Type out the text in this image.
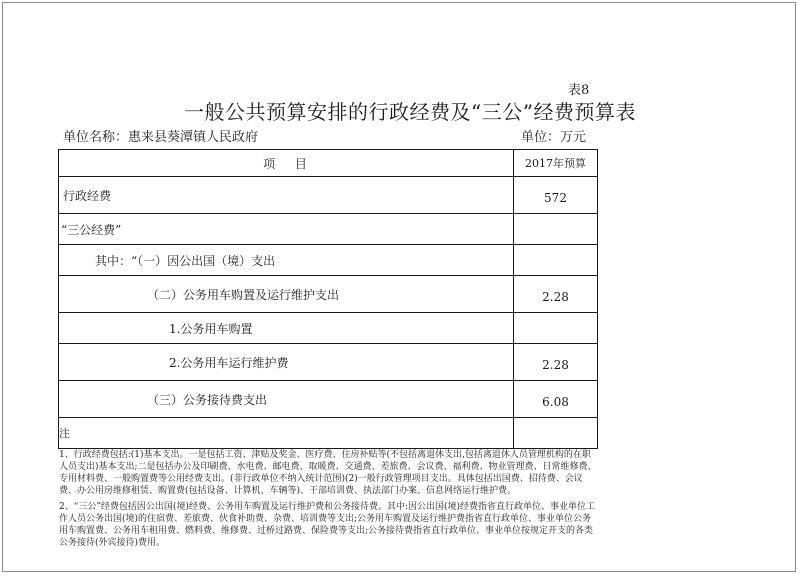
表8
一般公共预算安排的行政经费及“三公”经费预算表
单位名称：惠来县葵潭镇人民政府	单位：万元
项 目	2017年预算
行政经费	572
“三公经费”	
其中：“（一）因公出国（境）支出	
（二）公务用车购置及运行维护支出	2.28
1.公务用车购置	
2.公务用车运行维护费	2.28
（三）公务接待费支出	6.08

注

1、行政经费包括:(1)基本支出。一是包括工资、津贴及奖金、医疗费、住房补贴等(不包括离退休支出,包括离退休人员管理机构的在职人员支出)基本支出;二是包括办公及印刷费、水电费、邮电费、取暖费、交通费、差旅费、会议费、福利费、物业管理费、日常维修费、专用材料费、一般购置费等公用经费支出。(非行政单位不纳入统计范围)(2)一般行政管理项目支出。具体包括出国费、招待费、会议费、办公用房维修租赁、购置费(包括设备、计算机、车辆等)、干部培训费、执法部门办案、信息网络运行维护费。

2、“三公”经费包括因公出国(境)经费、公务用车购置及运行维护费和公务接待费。其中:因公出国(境)经费指省直行政单位、事业单位工作人员公务出国(境)的住宿费、差旅费、伙食补助费、杂费、培训费等支出;公务用车购置及运行维护费指省直行政单位、事业单位公务用车购置费、公务用车租用费、燃料费、维修费、过桥过路费、保险费等支出;公务接待费指省直行政单位、事业单位按规定开支的各类公务接待(外宾接待)费用。
